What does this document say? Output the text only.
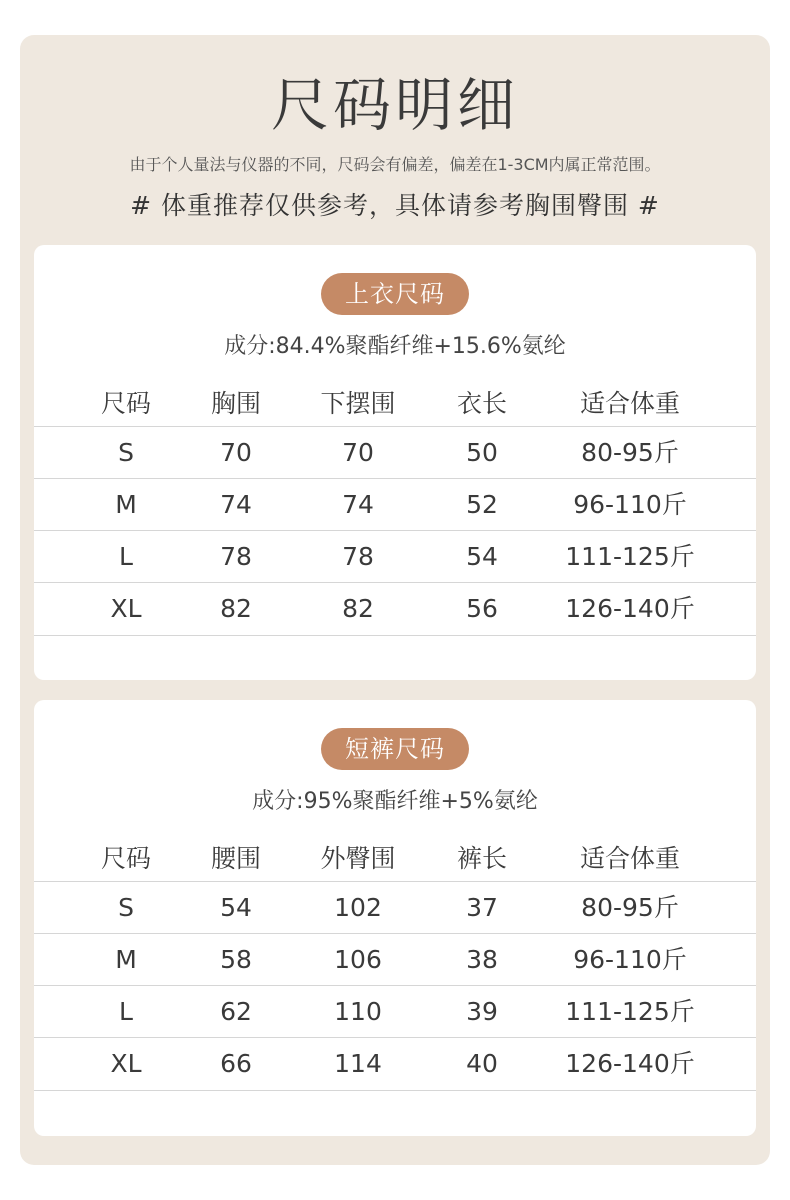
尺码明细
由于个人量法与仪器的不同，尺码会有偏差，偏差在1-3CM内属正常范围。
# 体重推荐仅供参考，具体请参考胸围臀围 #
上衣尺码
成分:84.4%聚酯纤维+15.6%氨纶
尺码	胸围	下摆围	衣长	适合体重
S	70	70	50	80-95斤
M	74	74	52	96-110斤
L	78	78	54	111-125斤
XL	82	82	56	126-140斤
短裤尺码
成分:95%聚酯纤维+5%氨纶
尺码	腰围	外臀围	裤长	适合体重
S	54	102	37	80-95斤
M	58	106	38	96-110斤
L	62	110	39	111-125斤
XL	66	114	40	126-140斤
